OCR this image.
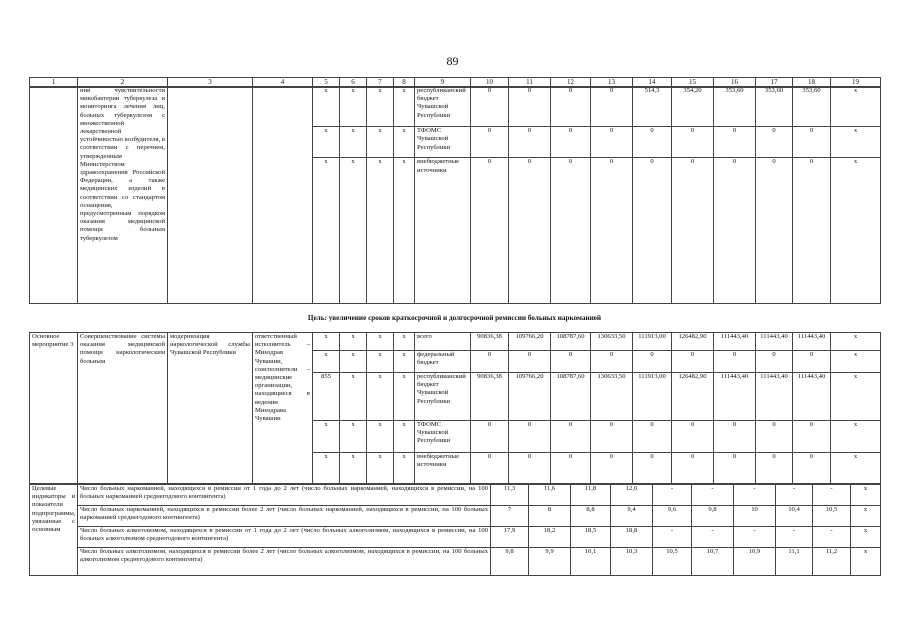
89
1	2	3	4	5	6	7	8	9	10	11	12	13	14	15	16	17	18	19
	ния чувствительности микобактерии туберкулеза и мониторинга лечения лиц, больных туберкулезом с множественной лекарственной устойчивостью возбудителя, в соответствии с перечнем, утвержденным Министерством здравоохранения Российской Федерации, а также медицинских изделий в соответствии со стандартом оснащения, предусмотренным порядком оказания медицинской помощи больным туберкулезом			x	x	x	x	республиканский бюджет Чувашской Республики	0	0	0	0	514,3	354,20	353,60	353,60	353,60	x
				x	x	x	x	ТФОМС Чувашской Республики	0	0	0	0	0	0	0	0	0	x
				x	x	x	x	внебюджетные источники	0	0	0	0	0	0	0	0	0	x
Цель: увеличение сроков краткосрочной и долгосрочной ремиссии больных наркоманией
Основное мероприятие 3	Совершенствование системы оказания медицинской помощи наркологическим больным	модернизация наркологической службы Чувашской Республики	ответственный исполнитель – Минздрав Чувашии, соисполнители – медицинские организации, находящиеся в ведении Минздрава Чувашии	x	x	x	x	всего	90836,38	109766,20	108787,60	130633,50	111913,00	126482,90	111443,40	111443,40	111443,40	x
				x	x	x	x	федеральный бюджет	0	0	0	0	0	0	0	0	0	x
				855	x	x	x	республиканский бюджет Чувашской Республики	90836,38	109766,20	108787,60	130633,50	111913,00	126482,90	111443,40	111443,40	111443,40	x
				x	x	x	x	ТФОМС Чувашской Республики	0	0	0	0	0	0	0	0	0	x
				x	x	x	x	внебюджетные источники	0	0	0	0	0	0	0	0	0	x
Целевые индикаторы и показатели подпрограммы, увязанные с основным	Число больных наркоманией, находящихся в ремиссии от 1 года до 2 лет (число больных наркоманией, находящихся в ремиссии, на 100 больных наркоманией среднегодового контингента)	11,3	11,6	11,8	12,0	-	-	-	-	-	x
	Число больных наркоманией, находящихся в ремиссии более 2 лет (число больных наркоманией, находящихся в ремиссии, на 100 больных наркоманией среднегодового контингента)	7	8	8,8	9,4	9,6	9,8	10	10,4	10,5	x
	Число больных алкоголизмом, находящихся в ремиссии от 1 года до 2 лет (число больных алкоголизмом, находящихся в ремиссии, на 100 больных алкоголизмом среднегодового контингента)	17,9	18,2	18,5	18,8	-	-	-	-	-	x
	Число больных алкоголизмом, находящихся в ремиссии более 2 лет (число больных алкоголизмом, находящихся в ремиссии, на 100 больных алкоголизмом среднегодового контингента)	9,8	9,9	10,1	10,3	10,5	10,7	10,9	11,1	11,2	x
